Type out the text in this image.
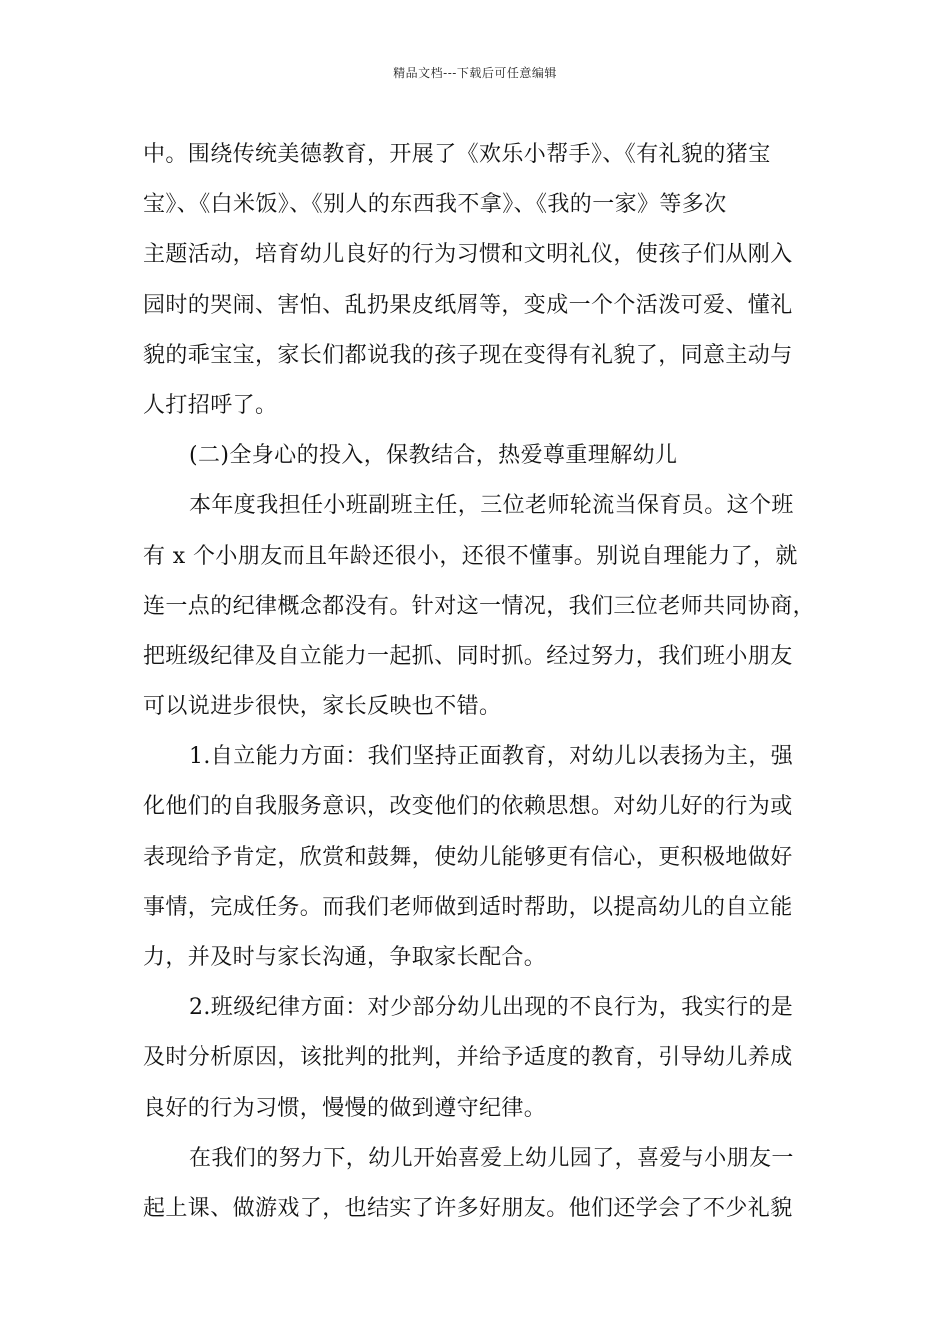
精品文档---下载后可任意编辑
中。围绕传统美德教育，开展了《欢乐小帮手》、《有礼貌的猪宝
宝》、《白米饭》、《别人的东西我不拿》、《我的一家》等多次
主题活动，培育幼儿良好的行为习惯和文明礼仪，使孩子们从刚入
园时的哭闹、害怕、乱扔果皮纸屑等，变成一个个活泼可爱、懂礼
貌的乖宝宝，家长们都说我的孩子现在变得有礼貌了，同意主动与
人打招呼了。
(二)全身心的投入，保教结合，热爱尊重理解幼儿
本年度我担任小班副班主任，三位老师轮流当保育员。这个班
有 x 个小朋友而且年龄还很小，还很不懂事。别说自理能力了，就
连一点的纪律概念都没有。针对这一情况，我们三位老师共同协商，
把班级纪律及自立能力一起抓、同时抓。经过努力，我们班小朋友
可以说进步很快，家长反映也不错。
1.自立能力方面：我们坚持正面教育，对幼儿以表扬为主，强
化他们的自我服务意识，改变他们的依赖思想。对幼儿好的行为或
表现给予肯定，欣赏和鼓舞，使幼儿能够更有信心，更积极地做好
事情，完成任务。而我们老师做到适时帮助，以提高幼儿的自立能
力，并及时与家长沟通，争取家长配合。
2.班级纪律方面：对少部分幼儿出现的不良行为，我实行的是
及时分析原因，该批判的批判，并给予适度的教育，引导幼儿养成
良好的行为习惯，慢慢的做到遵守纪律。
在我们的努力下，幼儿开始喜爱上幼儿园了，喜爱与小朋友一
起上课、做游戏了，也结实了许多好朋友。他们还学会了不少礼貌
